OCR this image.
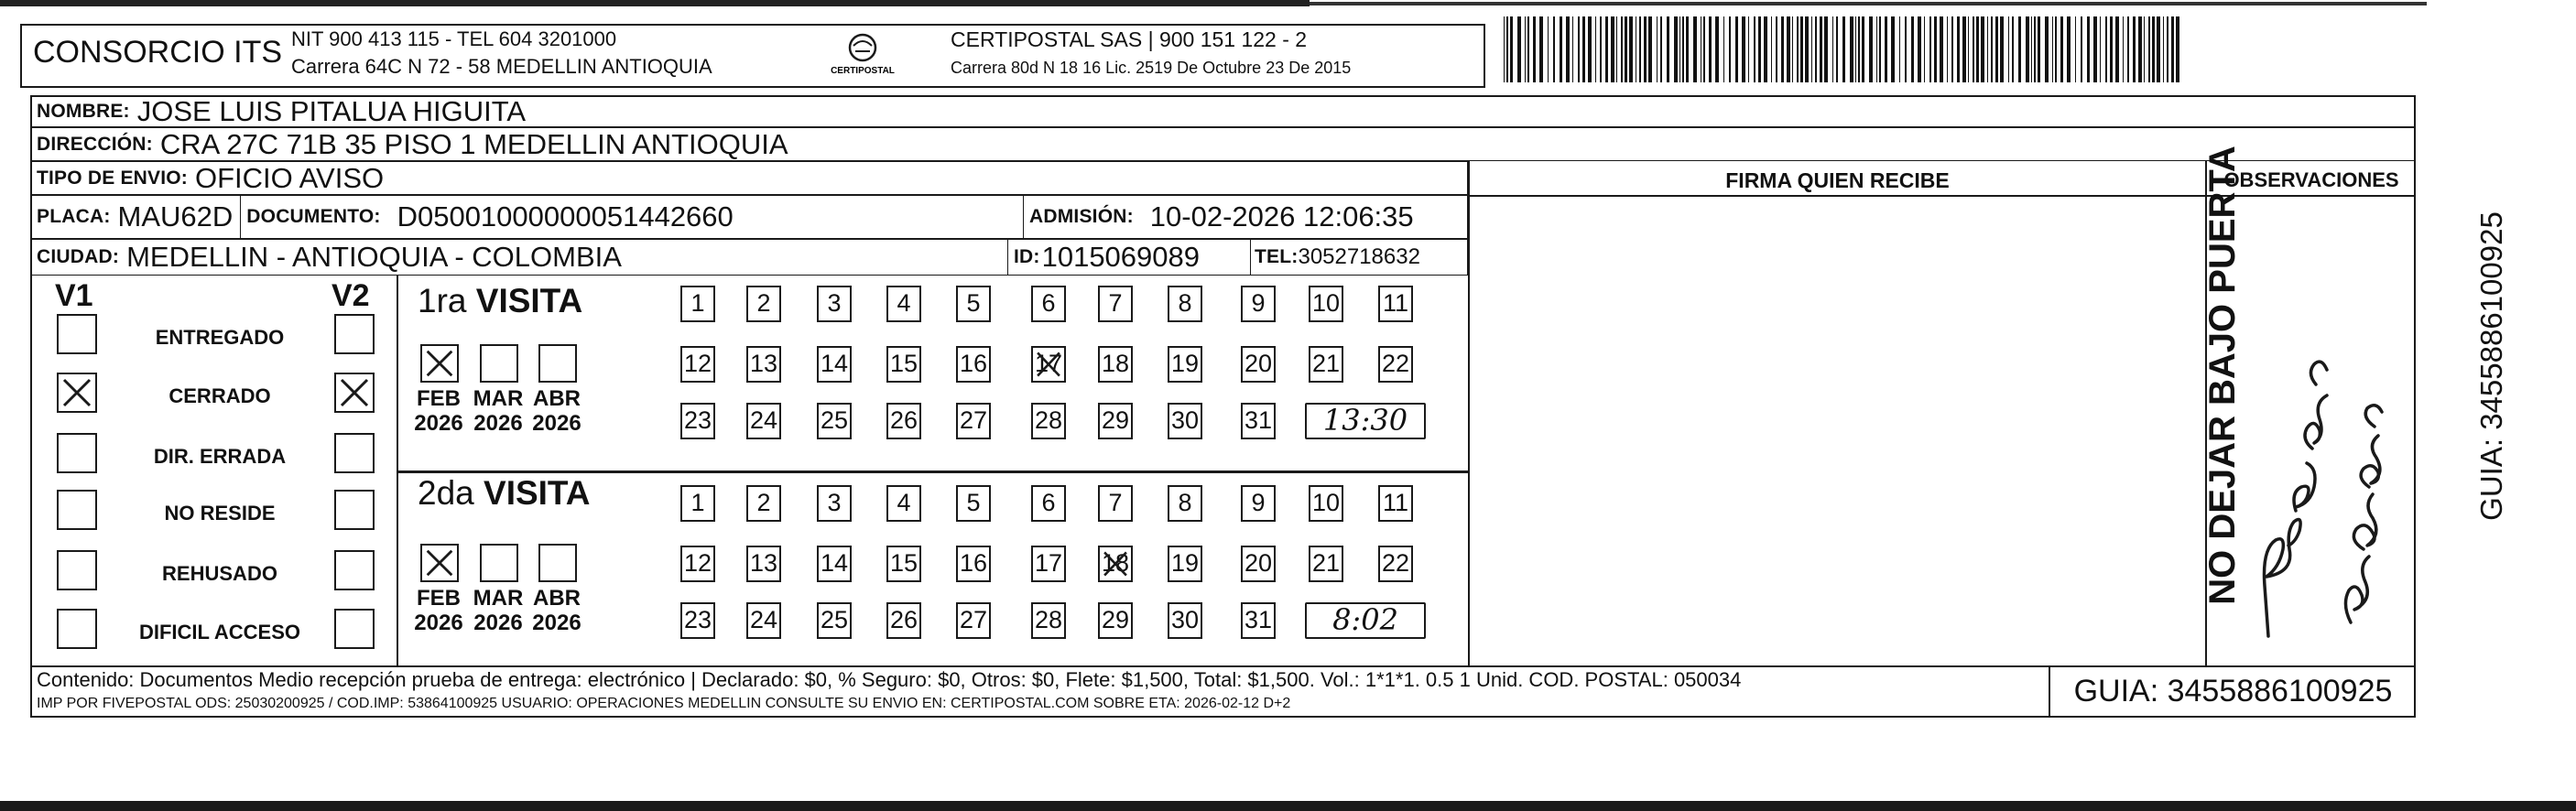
CONSORCIO ITS NIT 900 413 115 - TEL 604 3201000
Carrera 64C N 72 - 58 MEDELLIN ANTIOQUIA	CERTIPOSTAL
CERTIPOSTAL SAS | 900 151 122 - 2
Carrera 80d N 18 16 Lic. 2519 De Octubre 23 De 2015
NOMBRE: JOSE LUIS PITALUA HIGUITA
DIRECCIÓN: CRA 27C 71B 35 PISO 1 MEDELLIN ANTIOQUIA
TIPO DE ENVIO: OFICIO AVISO
PLACA: MAU62D DOCUMENTO: D05001000000051442660	ADMISIÓN: 10-02-2026 12:06:35
CIUDAD: MEDELLIN - ANTIOQUIA - COLOMBIA	ID: 1015069089	TEL: 3052718632
FIRMA QUIEN RECIBE	OBSERVACIONES
V1	V2
ENTREGADO
CERRADO
DIR. ERRADA
NO RESIDE
REHUSADO
DIFICIL ACCESO
1ra VISITA
2da VISITA
FEB
2026
MAR
2026
ABR
2026
1	2	3	4	5	6	7	8	9	10 11
12 13 14 15 16 17 18 19 20 21 22
23 24 25 26 27 28 29 30 31	13:30
FEB
2026
MAR
2026
ABR
2026
1	2	3	4	5	6	7	8	9	10 11
12 13 14 15 16 17 18 19 20 21 22
23 24 25 26 27 28 29 30 31	8:02
Contenido: Documentos Medio recepción prueba de entrega: electrónico | Declarado: $0, % Seguro: $0, Otros: $0, Flete: $1,500, Total: $1,500. Vol.: 1*1*1. 0.5 1 Unid. COD. POSTAL: 050034
IMP POR FIVEPOSTAL ODS: 25030200925 / COD.IMP: 53864100925 USUARIO: OPERACIONES MEDELLIN CONSULTE SU ENVIO EN: CERTIPOSTAL.COM SOBRE ETA: 2026-02-12 D+2	GUIA: 3455886100925
NO DEJAR BAJO PUERTA	GUIA: 3455886100925
